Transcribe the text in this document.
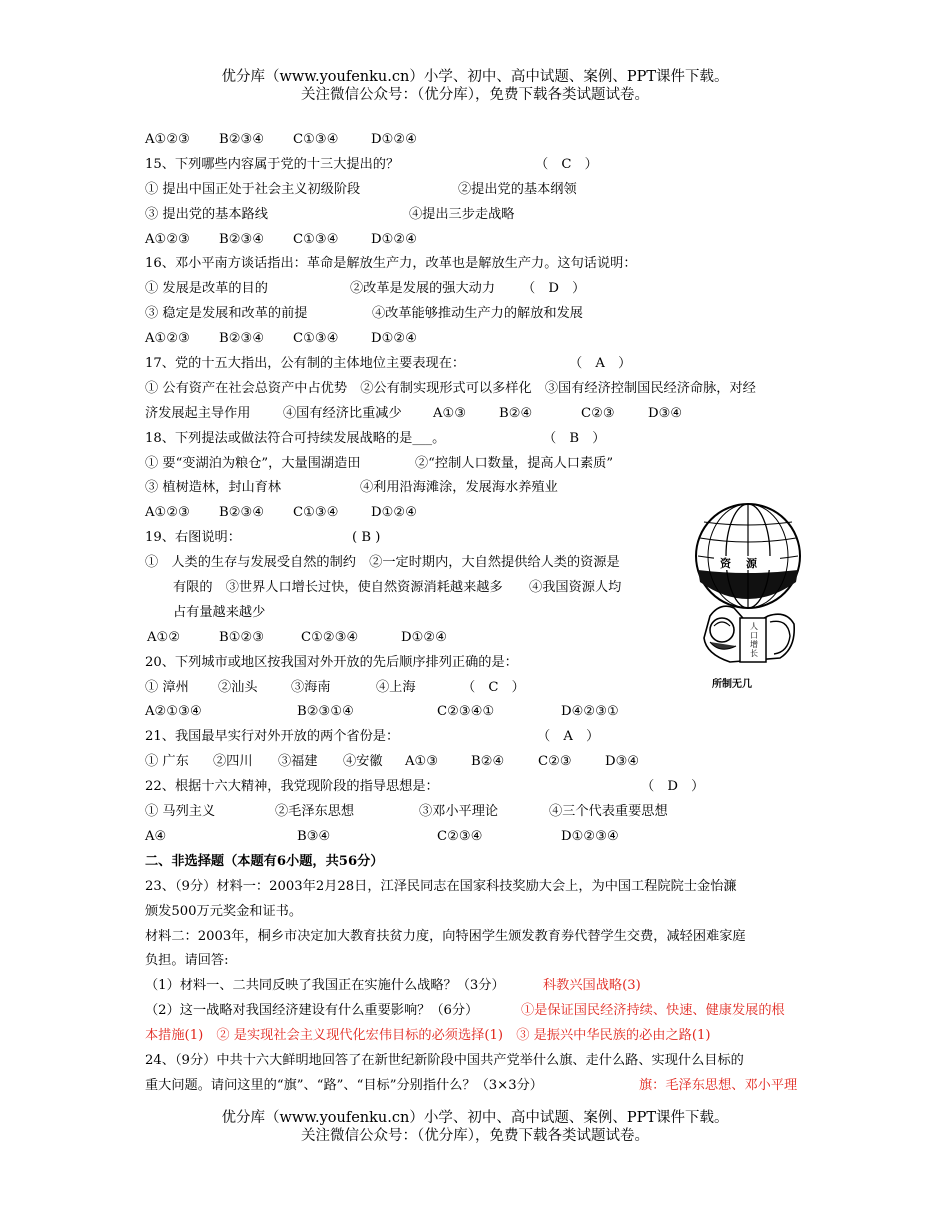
优分库（www.youfenku.cn）小学、初中、高中试题、案例、PPT课件下载。
关注微信公众号：（优分库），免费下载各类试题试卷。
A①②③ B②③④ C①③④ D①②④
15、下列哪些内容属于党的十三大提出的？	（　C　）
① 提出中国正处于社会主义初级阶段	②提出党的基本纲领
③ 提出党的基本路线	④提出三步走战略
A①②③ B②③④ C①③④ D①②④
16、邓小平南方谈话指出：革命是解放生产力，改革也是解放生产力。这句话说明：
① 发展是改革的目的	②改革是发展的强大动力 （　D　）
③ 稳定是发展和改革的前提	④改革能够推动生产力的解放和发展
A①②③ B②③④ C①③④ D①②④
17、党的十五大指出，公有制的主体地位主要表现在：	（　A　）
① 公有资产在社会总资产中占优势　②公有制实现形式可以多样化　③国有经济控制国民经济命脉，对经
济发展起主导作用 ④国有经济比重减少 A①③ B②④	C②③	D③④
18、下列提法或做法符合可持续发展战略的是___。	（　B　）
① 要“变湖泊为粮仓”，大量围湖造田	②“控制人口数量，提高人口素质”
③ 植树造林，封山育林	④利用沿海滩涂，发展海水养殖业
A①②③ B②③④ C①③④ D①②④
19、右图说明：	( B )
①　人类的生存与发展受自然的制约　②一定时期内，大自然提供给人类的资源是
有限的　③世界人口增长过快，使自然资源消耗越来越多　　④我国资源人均
占有量越来越少
A①②	B①②③	C①②③④	D①②④
20、下列城市或地区按我国对外开放的先后顺序排列正确的是：
① 漳州 ②汕头	③海南	④上海	（　C　）
A②①③④	B②③①④	C②③④①	D④②③①
21、我国最早实行对外开放的两个省份是：	（　A　）
① 广东 ②四川 ③福建 ④安徽 A①③ B②④	C②③	D③④
22、根据十六大精神，我党现阶段的指导思想是：	（　D　）
① 马列主义	②毛泽东思想	③邓小平理论	④三个代表重要思想
A④	B③④	C②③④	D①②③④
二、非选择题（本题有6小题，共56分）
23、（9分）材料一：2003年2月28日，江泽民同志在国家科技奖励大会上，为中国工程院院士金怡濂
颁发500万元奖金和证书。
材料二：2003年，桐乡市决定加大教育扶贫力度，向特困学生颁发教育券代替学生交费，减轻困难家庭
负担。请回答:
（1）材料一、二共同反映了我国正在实施什么战略？（3分）	科教兴国战略(3)
（2）这一战略对我国经济建设有什么重要影响？（6分）	①是保证国民经济持续、快速、健康发展的根
本措施(1)　② 是实现社会主义现代化宏伟目标的必须选择(1)　③ 是振兴中华民族的必由之路(1)
24、（9分）中共十六大鲜明地回答了在新世纪新阶段中国共产党举什么旗、走什么路、实现什么目标的
重大问题。请问这里的“旗”、“路”、“目标”分别指什么？（3×3分）	旗：毛泽东思想、邓小平理
资　源
人口增长
所制无几
优分库（www.youfenku.cn）小学、初中、高中试题、案例、PPT课件下载。
关注微信公众号：（优分库），免费下载各类试题试卷。
